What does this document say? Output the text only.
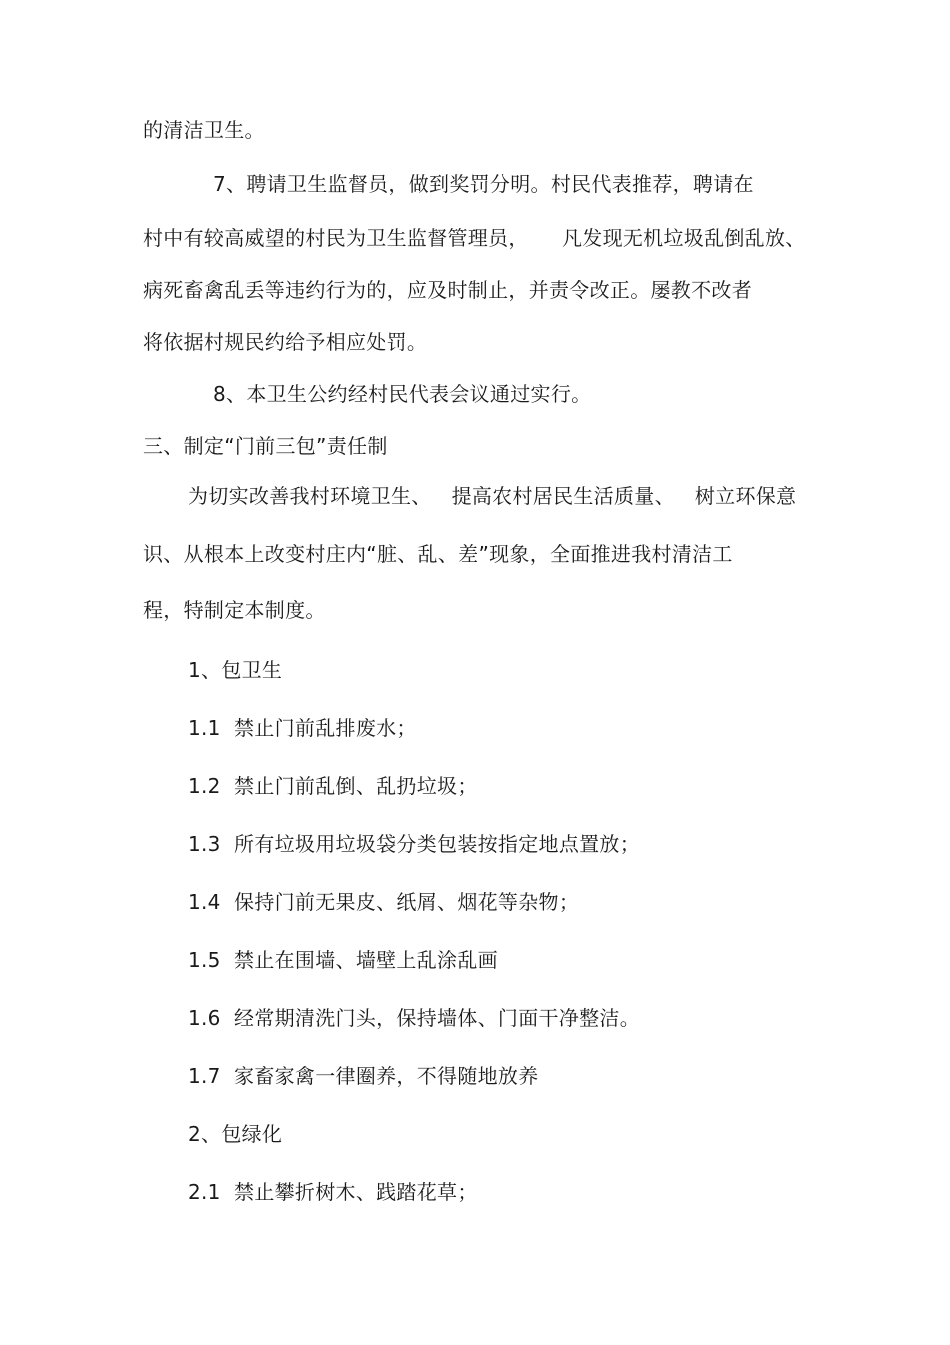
的清洁卫生。
7、聘请卫生监督员，做到奖罚分明。村民代表推荐，聘请在
村中有较高威望的村民为卫生监督管理员，     凡发现无机垃圾乱倒乱放、
病死畜禽乱丢等违约行为的，应及时制止，并责令改正。屡教不改者
将依据村规民约给予相应处罚。
8、本卫生公约经村民代表会议通过实行。
三、制定“门前三包”责任制
为切实改善我村环境卫生、   提高农村居民生活质量、   树立环保意
识、从根本上改变村庄内“脏、乱、差”现象，全面推进我村清洁工
程，特制定本制度。
1、包卫生
1.1  禁止门前乱排废水；
1.2  禁止门前乱倒、乱扔垃圾；
1.3  所有垃圾用垃圾袋分类包装按指定地点置放；
1.4  保持门前无果皮、纸屑、烟花等杂物；
1.5  禁止在围墙、墙壁上乱涂乱画
1.6  经常期清洗门头，保持墙体、门面干净整洁。
1.7  家畜家禽一律圈养，不得随地放养
2、包绿化
2.1  禁止攀折树木、践踏花草；
